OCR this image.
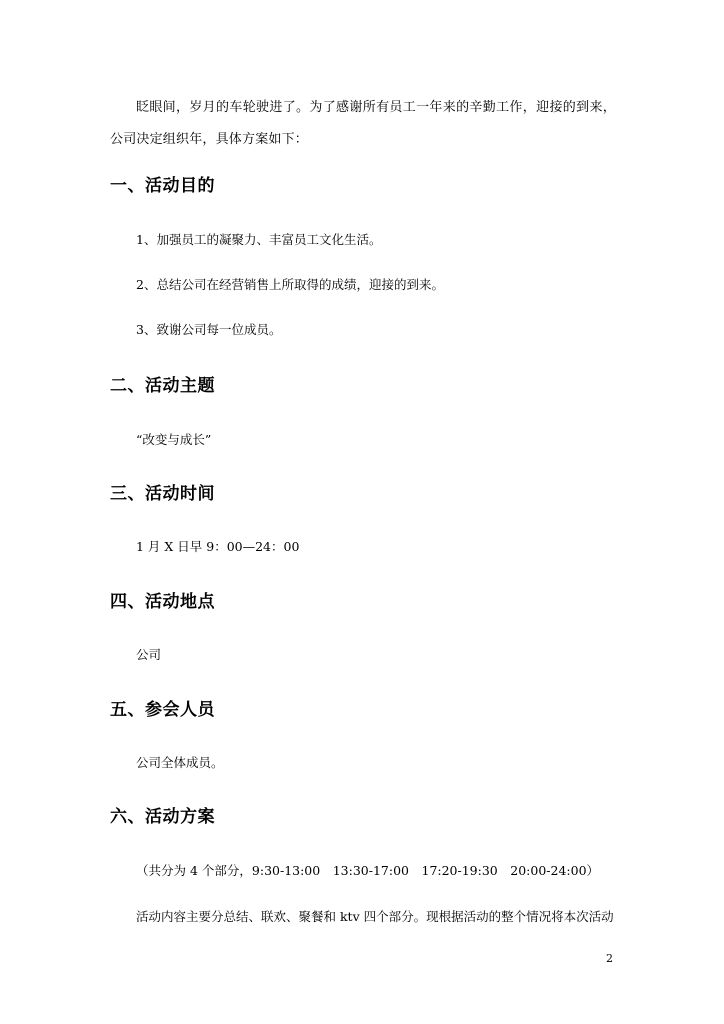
眨眼间，岁月的车轮驶进了。为了感谢所有员工一年来的辛勤工作，迎接的到来，公司决定组织年，具体方案如下：

一、活动目的
1、加强员工的凝聚力、丰富员工文化生活。
2、总结公司在经营销售上所取得的成绩，迎接的到来。
3、致谢公司每一位成员。
二、活动主题
“改变与成长”
三、活动时间
1 月 X 日早 9：00—24：00
四、活动地点
公司
五、参会人员
公司全体成员。
六、活动方案
（共分为 4 个部分，9:30-13:00　13:30-17:00　17:20-19:30　20:00-24:00）
活动内容主要分总结、联欢、聚餐和 ktv 四个部分。现根据活动的整个情况将本次活动
2
